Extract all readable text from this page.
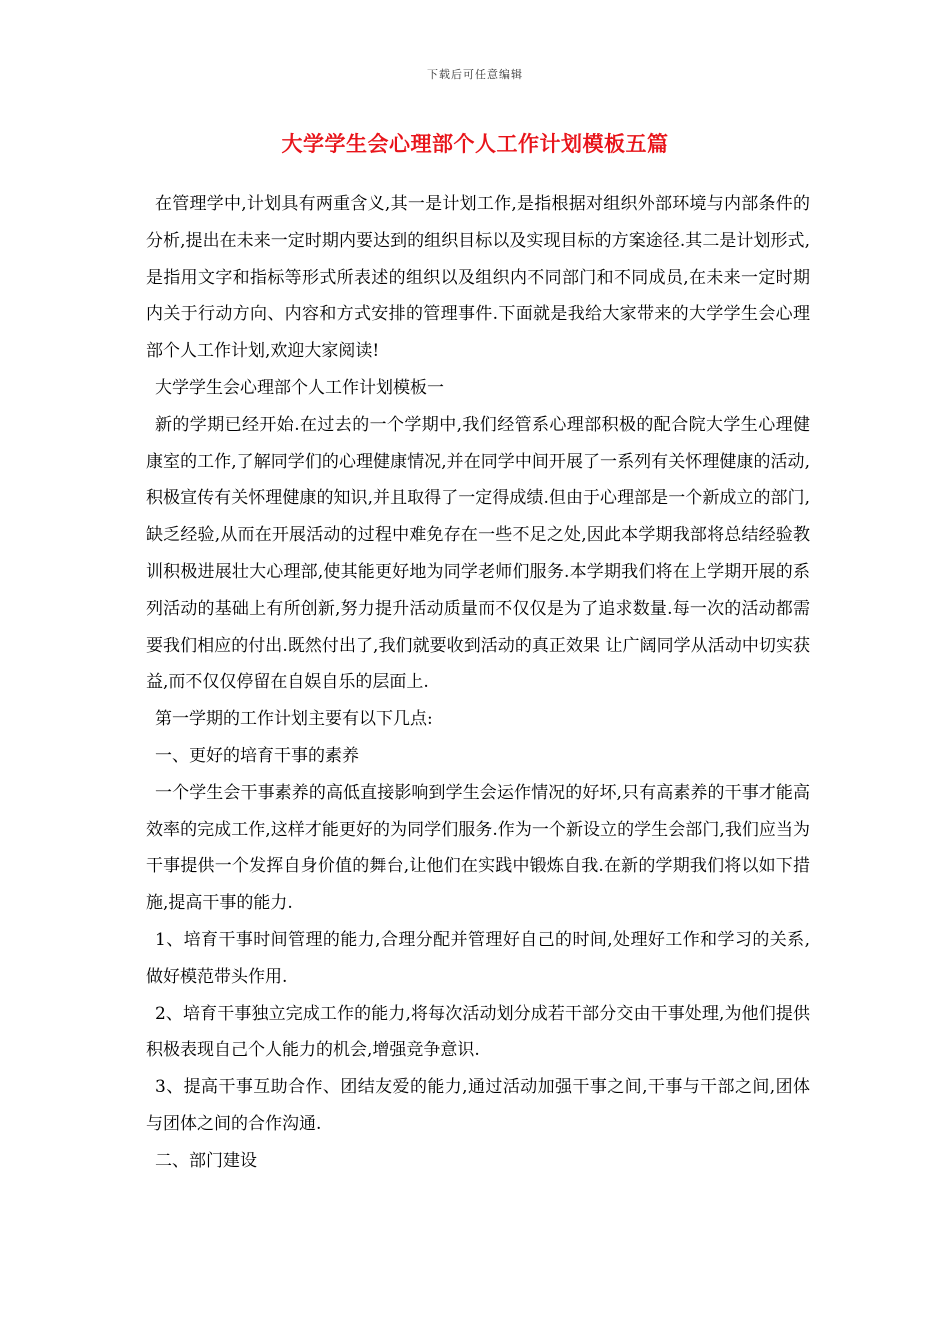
下载后可任意编辑
大学学生会心理部个人工作计划模板五篇

在管理学中,计划具有两重含义,其一是计划工作,是指根据对组织外部环境与内部条件的分析,提出在未来一定时期内要达到的组织目标以及实现目标的方案途径.其二是计划形式,是指用文字和指标等形式所表述的组织以及组织内不同部门和不同成员,在未来一定时期内关于行动方向、内容和方式安排的管理事件.下面就是我给大家带来的大学学生会心理部个人工作计划,欢迎大家阅读!

大学学生会心理部个人工作计划模板一

新的学期已经开始.在过去的一个学期中,我们经管系心理部积极的配合院大学生心理健康室的工作,了解同学们的心理健康情况,并在同学中间开展了一系列有关怀理健康的活动,积极宣传有关怀理健康的知识,并且取得了一定得成绩.但由于心理部是一个新成立的部门,缺乏经验,从而在开展活动的过程中难免存在一些不足之处,因此本学期我部将总结经验教训积极进展壮大心理部,使其能更好地为同学老师们服务.本学期我们将在上学期开展的系列活动的基础上有所创新,努力提升活动质量而不仅仅是为了追求数量.每一次的活动都需要我们相应的付出.既然付出了,我们就要收到活动的真正效果 让广阔同学从活动中切实获益,而不仅仅停留在自娱自乐的层面上.

第一学期的工作计划主要有以下几点:

一、更好的培育干事的素养

一个学生会干事素养的高低直接影响到学生会运作情况的好坏,只有高素养的干事才能高效率的完成工作,这样才能更好的为同学们服务.作为一个新设立的学生会部门,我们应当为干事提供一个发挥自身价值的舞台,让他们在实践中锻炼自我.在新的学期我们将以如下措施,提高干事的能力.

1、培育干事时间管理的能力,合理分配并管理好自己的时间,处理好工作和学习的关系,做好模范带头作用.

2、培育干事独立完成工作的能力,将每次活动划分成若干部分交由干事处理,为他们提供积极表现自己个人能力的机会,增强竞争意识.

3、提高干事互助合作、团结友爱的能力,通过活动加强干事之间,干事与干部之间,团体与团体之间的合作沟通.

二、部门建设
